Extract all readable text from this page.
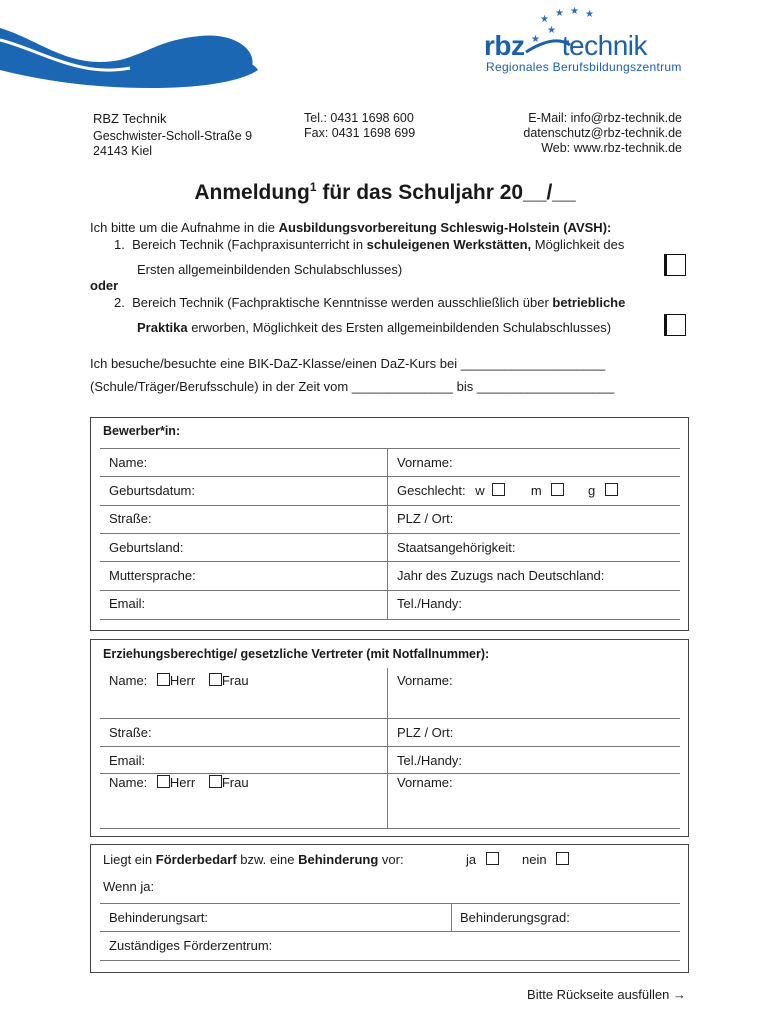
★
★ ★ ★
★
★
rbz technik
Regionales Berufsbildungszentrum
RBZ Technik
Geschwister-Scholl-Straße 9
24143 Kiel
Tel.: 0431 1698 600
Fax: 0431 1698 699
E-Mail: info@rbz-technik.de
datenschutz@rbz-technik.de
Web: www.rbz-technik.de
Anmeldung$^1$ für das Schuljahr 20__/__
Ich bitte um die Aufnahme in die Ausbildungsvorbereitung Schleswig-Holstein (AVSH):
1. Bereich Technik (Fachpraxisunterricht in schuleigenen Werkstätten, Möglichkeit des
Ersten allgemeinbildenden Schulabschlusses)
oder
2. Bereich Technik (Fachpraktische Kenntnisse werden ausschließlich über betriebliche
Praktika erworben, Möglichkeit des Ersten allgemeinbildenden Schulabschlusses)
Ich besuche/besuchte eine BIK-DaZ-Klasse/einen DaZ-Kurs bei ____________________
(Schule/Träger/Berufsschule) in der Zeit vom ______________ bis ___________________
Bewerber*in:
Name:	Vorname:
Geburtsdatum:	Geschlecht: w	m	g
Straße:	PLZ / Ort:
Geburtsland:	Staatsangehörigkeit:
Muttersprache:	Jahr des Zuzugs nach Deutschland:
Email:	Tel./Handy:
Erziehungsberechtige/ gesetzliche Vertreter (mit Notfallnummer):
Name: Herr Frau	Vorname:
Straße:	PLZ / Ort:
Email:	Tel./Handy:
Name: Herr Frau	Vorname:
Liegt ein Förderbedarf bzw. eine Behinderung vor:	ja	nein
Wenn ja:
Behinderungsart:	Behinderungsgrad:
Zuständiges Förderzentrum:
Bitte Rückseite ausfüllen →
